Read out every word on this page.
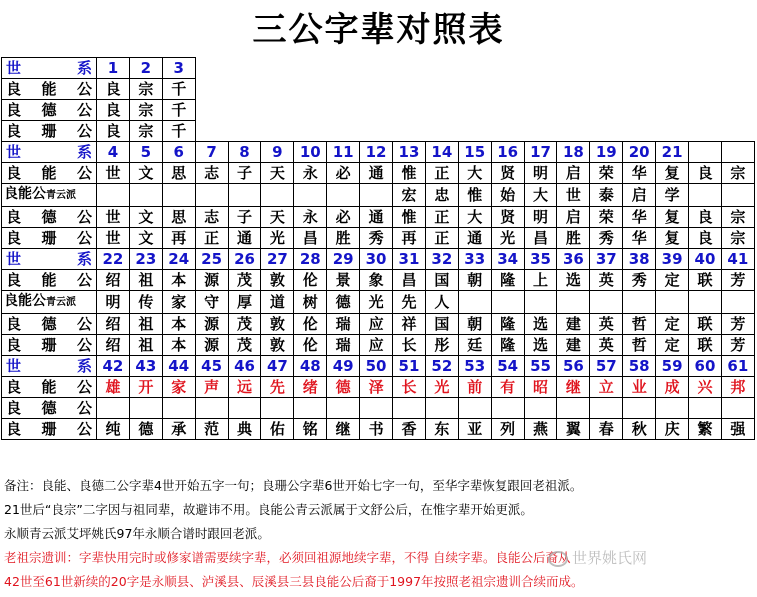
三公字辈对照表
世 系	1	2	3																	
良 能 公	良	宗	千																	
良 德 公	良	宗	千																	
良 珊 公	良	宗	千																	
世 系	4	5	6	7	8	9	10	11	12	13	14	15	16	17	18	19	20	21		
良 能 公	世	文	思	志	子	天	永	必	通	惟	正	大	贤	明	启	荣	华	复	良	宗
良能公青云派										宏	忠	惟	始	大	世	泰	启	学		
良 德 公	世	文	思	志	子	天	永	必	通	惟	正	大	贤	明	启	荣	华	复	良	宗
良 珊 公	世	文	再	正	通	光	昌	胜	秀	再	正	通	光	昌	胜	秀	华	复	良	宗
世 系	22	23	24	25	26	27	28	29	30	31	32	33	34	35	36	37	38	39	40	41
良 能 公	绍	祖	本	源	茂	敦	伦	景	象	昌	国	朝	隆	上	选	英	秀	定	联	芳
良能公青云派	明	传	家	守	厚	道	树	德	光	先	人									
良 德 公	绍	祖	本	源	茂	敦	伦	瑞	应	祥	国	朝	隆	选	建	英	哲	定	联	芳
良 珊 公	绍	祖	本	源	茂	敦	伦	瑞	应	长	彤	廷	隆	选	建	英	哲	定	联	芳
世 系	42	43	44	45	46	47	48	49	50	51	52	53	54	55	56	57	58	59	60	61
良 能 公	雄	开	家	声	远	先	绪	德	泽	长	光	前	有	昭	继	立	业	成	兴	邦
良 德 公																				
良 珊 公	纯	德	承	范	典	佑	铭	继	书	香	东	亚	列	燕	翼	春	秋	庆	繁	强
备注：良能、良德二公字辈4世开始五字一句；良珊公字辈6世开始七字一句，至华字辈恢复跟回老祖派。
21世后“良宗”二字因与祖同辈，故避讳不用。良能公青云派属于文舒公后，在惟字辈开始更派。
永顺青云派艾坪姚氏97年永顺合谱时跟回老派。
老祖宗遗训：字辈快用完时或修家谱需要续字辈，必须回祖源地续字辈，不得 自续字辈。良能公后裔从
42世至61世新续的20字是永顺县、泸溪县、辰溪县三县良能公后裔于1997年按照老祖宗遗训合续而成。
世界姚氏网
